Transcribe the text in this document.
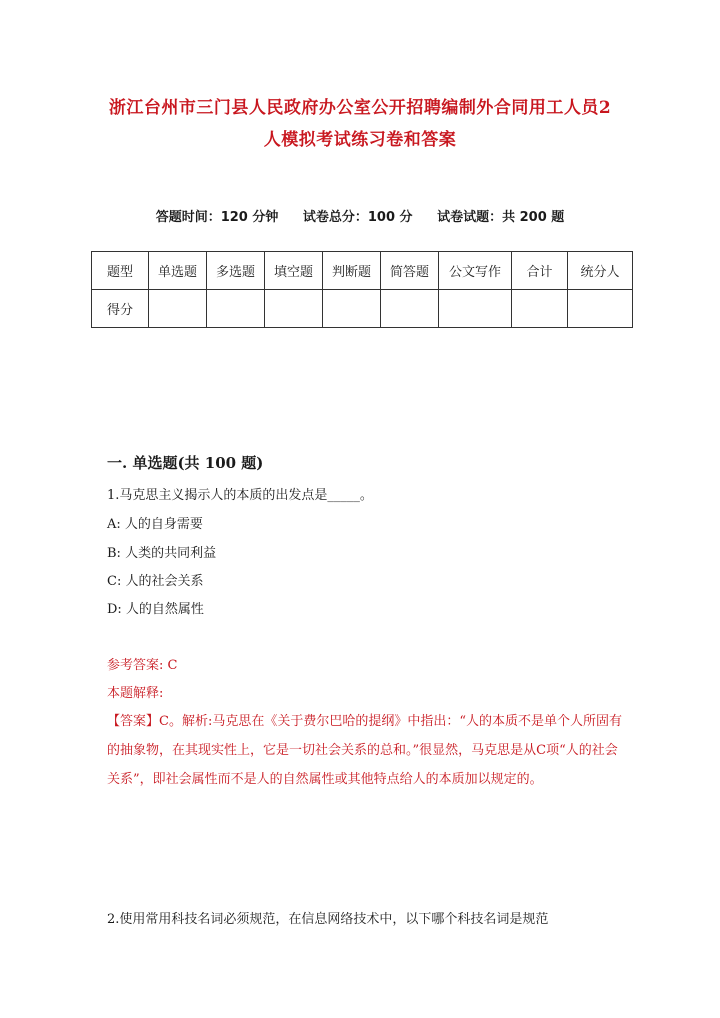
浙江台州市三门县人民政府办公室公开招聘编制外合同用工人员2
人模拟考试练习卷和答案
答题时间：120 分钟 试卷总分：100 分 试卷试题：共 200 题
题型	单选题	多选题	填空题	判断题	简答题	公文写作	合计	统分人
得分								
一. 单选题(共 100 题)
1.马克思主义揭示人的本质的出发点是_____。
A: 人的自身需要
B: 人类的共同利益
C: 人的社会关系
D: 人的自然属性
参考答案: C
本题解释:
【答案】C。解析:马克思在《关于费尔巴哈的提纲》中指出：“人的本质不是单个人所固有的抽象物，在其现实性上，它是一切社会关系的总和。”很显然，马克思是从C项“人的社会关系”，即社会属性而不是人的自然属性或其他特点给人的本质加以规定的。
2.使用常用科技名词必须规范，在信息网络技术中，以下哪个科技名词是规范
